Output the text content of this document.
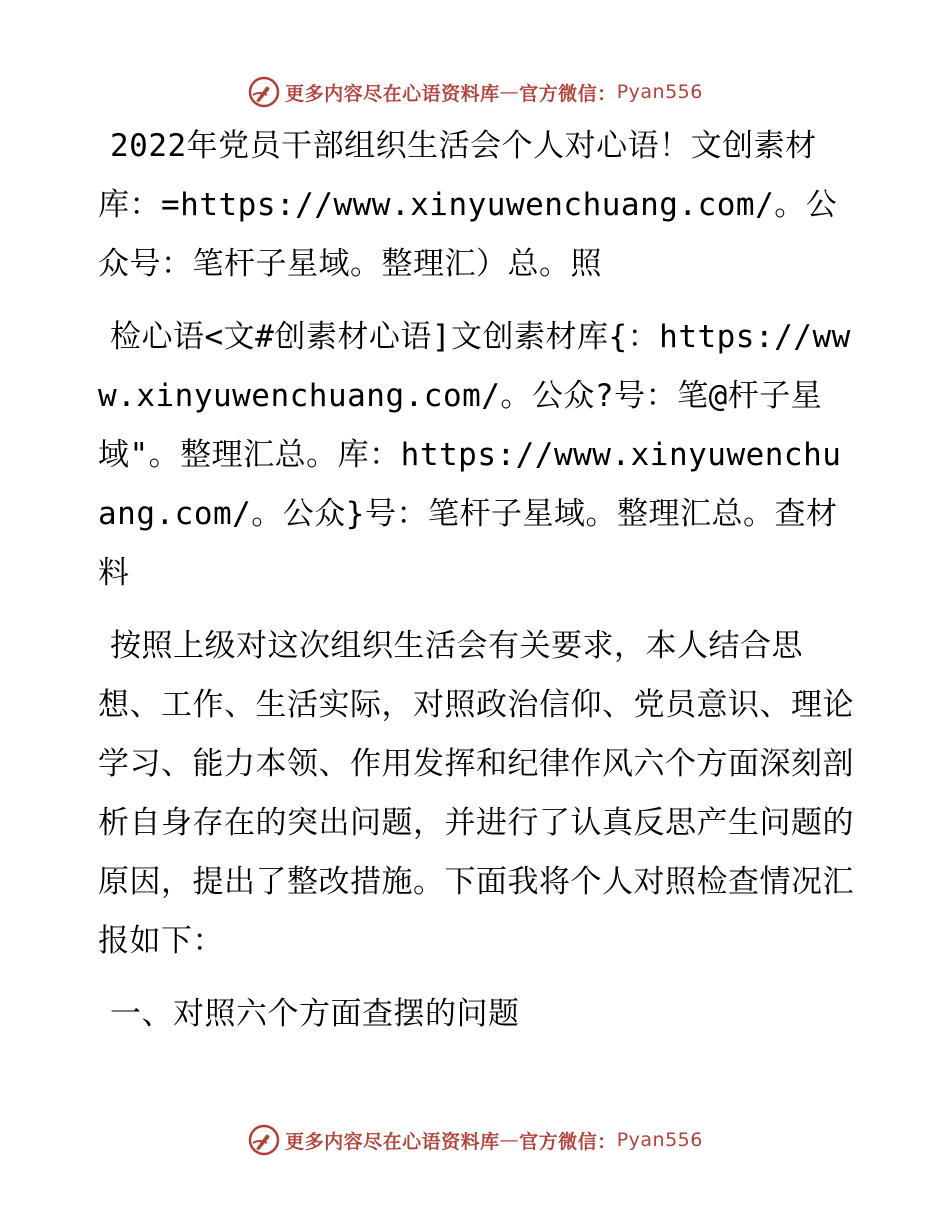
更多内容尽在心语资料库 — 官方微信： Pyan556

2022年党员干部组织生活会个人对心语！文创素材库：=https://www.xinyuwenchuang.com/。公众号：笔杆子星域。整理汇）总。照

检心语<文#创素材心语]文创素材库{：https://www.xinyuwenchuang.com/。公众?号：笔@杆子星域"。整理汇总。库：https://www.xinyuwenchuang.com/。公众}号：笔杆子星域。整理汇总。查材料

按照上级对这次组织生活会有关要求，本人结合思想、工作、生活实际，对照政治信仰、党员意识、理论学习、能力本领、作用发挥和纪律作风六个方面深刻剖析自身存在的突出问题，并进行了认真反思产生问题的原因，提出了整改措施。下面我将个人对照检查情况汇报如下：

一、对照六个方面查摆的问题

更多内容尽在心语资料库 — 官方微信： Pyan556
